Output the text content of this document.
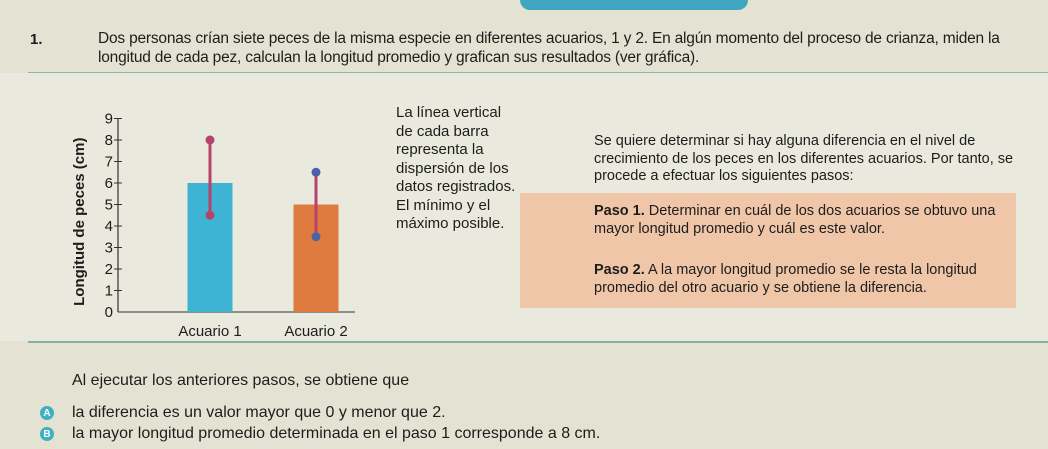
1.	Dos personas crían siete peces de la misma especie en diferentes acuarios, 1 y 2. En algún momento del proceso de crianza, miden la longitud de cada pez, calculan la longitud promedio y grafican sus resultados (ver gráfica).
0
1
2
3
4
5
6
7
8
9
Longitud de peces (cm)
Acuario 1	Acuario 2
La línea vertical
de cada barra
representa la
dispersión de los
datos registrados.
El mínimo y el
máximo posible.
Se quiere determinar si hay alguna diferencia en el nivel de crecimiento de los peces en los diferentes acuarios. Por tanto, se procede a efectuar los siguientes pasos:
Paso 1. Determinar en cuál de los dos acuarios se obtuvo una mayor longitud promedio y cuál es este valor.
Paso 2. A la mayor longitud promedio se le resta la longitud promedio del otro acuario y se obtiene la diferencia.
Al ejecutar los anteriores pasos, se obtiene que
A la diferencia es un valor mayor que 0 y menor que 2.
B la mayor longitud promedio determinada en el paso 1 corresponde a 8 cm.
